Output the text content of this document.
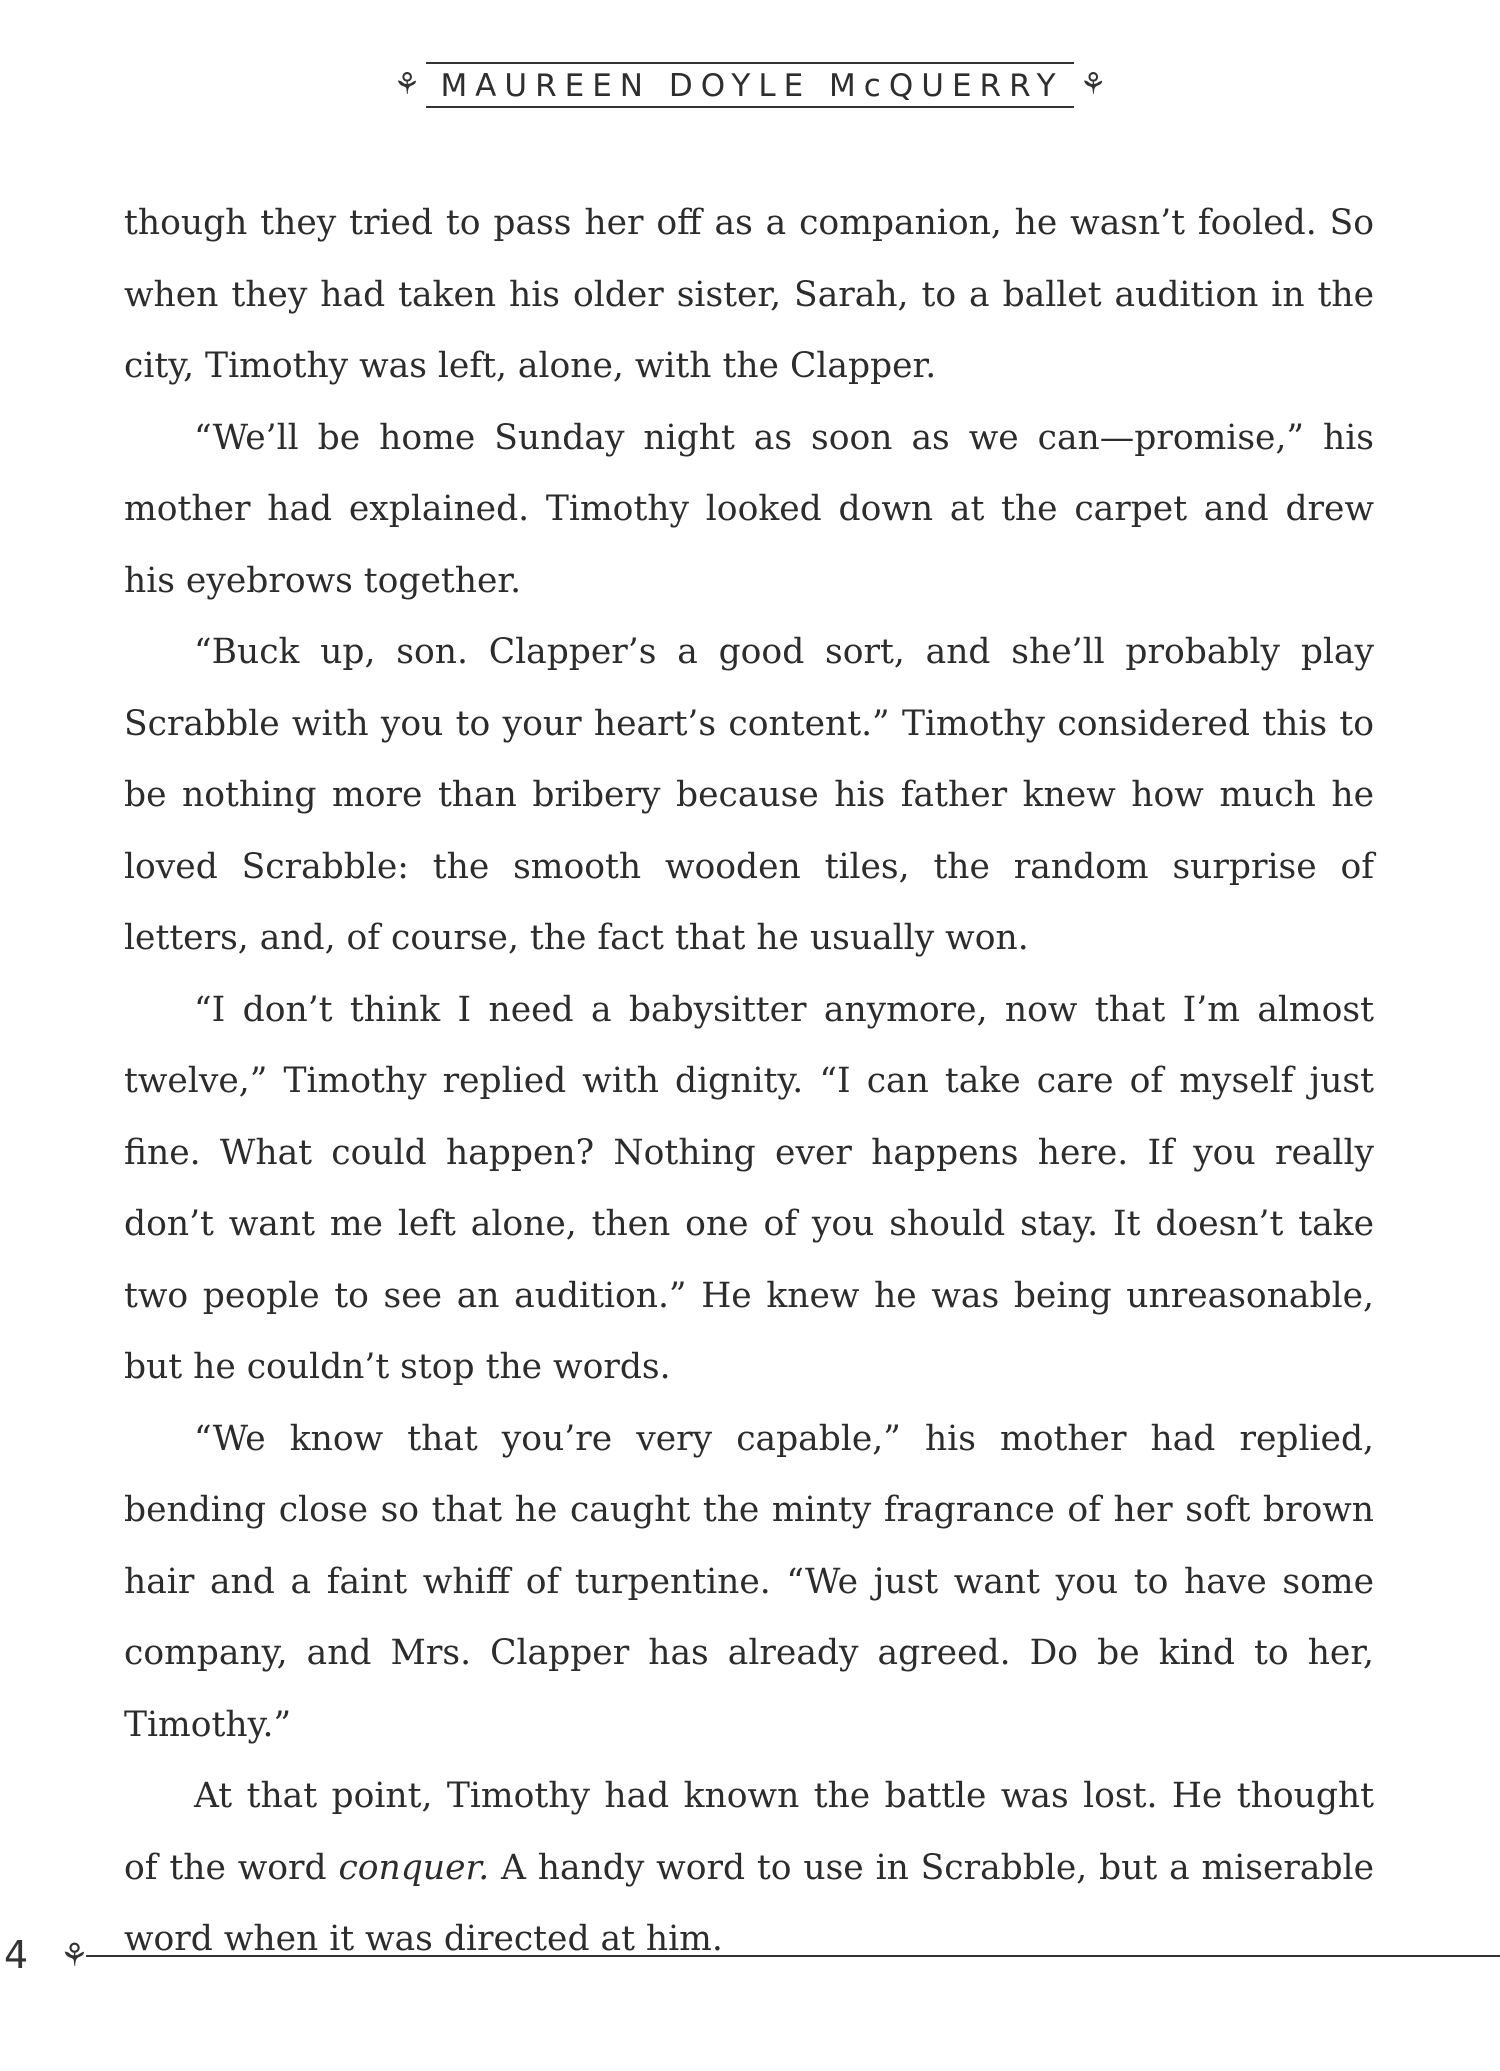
⚘ MAUREEN DOYLE McQUERRY ⚘

though they tried to pass her off as a companion, he wasn’t fooled. So when they had taken his older sister, Sarah, to a ballet audition in the city, Timothy was left, alone, with the Clapper.

“We’ll be home Sunday night as soon as we can—promise,” his mother had explained. Timothy looked down at the carpet and drew his eyebrows together.

“Buck up, son. Clapper’s a good sort, and she’ll probably play Scrabble with you to your heart’s content.” Timothy considered this to be nothing more than bribery because his father knew how much he loved Scrabble: the smooth wooden tiles, the random surprise of letters, and, of course, the fact that he usually won.

“I don’t think I need a babysitter anymore, now that I’m almost twelve,” Timothy replied with dignity. “I can take care of myself just fine. What could happen? Nothing ever happens here. If you really don’t want me left alone, then one of you should stay. It doesn’t take two people to see an audition.” He knew he was being unreasonable, but he couldn’t stop the words.

“We know that you’re very capable,” his mother had replied, bending close so that he caught the minty fragrance of her soft brown hair and a faint whiff of turpentine. “We just want you to have some company, and Mrs. Clapper has already agreed. Do be kind to her, Timothy.”

At that point, Timothy had known the battle was lost. He thought of the word conquer. A handy word to use in Scrabble, but a miserable word when it was directed at him.

4 ⚘
